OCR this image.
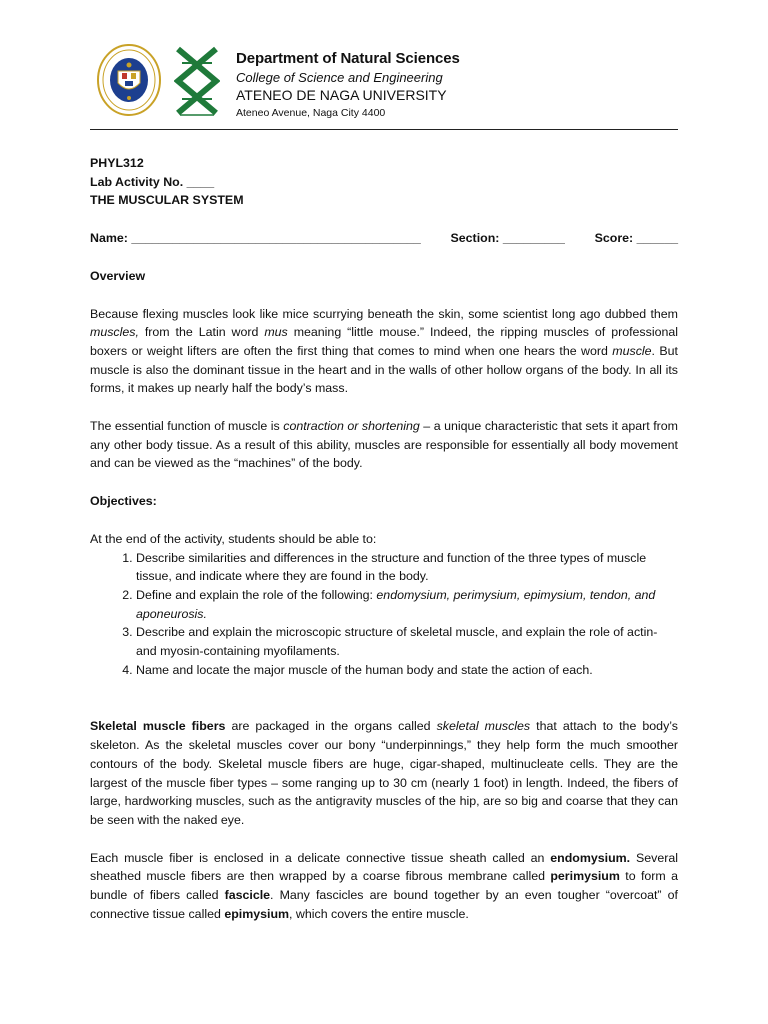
Department of Natural Sciences
College of Science and Engineering
ATENEO DE NAGA UNIVERSITY
Ateneo Avenue, Naga City 4400
PHYL312
Lab Activity No. ____
THE MUSCULAR SYSTEM
Name: __________________________________________ Section: _________ Score: ______
Overview

Because flexing muscles look like mice scurrying beneath the skin, some scientist long ago dubbed them muscles, from the Latin word mus meaning “little mouse.” Indeed, the ripping muscles of professional boxers or weight lifters are often the first thing that comes to mind when one hears the word muscle. But muscle is also the dominant tissue in the heart and in the walls of other hollow organs of the body. In all its forms, it makes up nearly half the body’s mass.

The essential function of muscle is contraction or shortening – a unique characteristic that sets it apart from any other body tissue. As a result of this ability, muscles are responsible for essentially all body movement and can be viewed as the “machines” of the body.

Objectives:
At the end of the activity, students should be able to:
1. Describe similarities and differences in the structure and function of the three types of muscle tissue, and indicate where they are found in the body.
2. Define and explain the role of the following: endomysium, perimysium, epimysium, tendon, and aponeurosis.
3. Describe and explain the microscopic structure of skeletal muscle, and explain the role of actin- and myosin-containing myofilaments.
4. Name and locate the major muscle of the human body and state the action of each.

Skeletal muscle fibers are packaged in the organs called skeletal muscles that attach to the body’s skeleton. As the skeletal muscles cover our bony “underpinnings,” they help form the much smoother contours of the body. Skeletal muscle fibers are huge, cigar-shaped, multinucleate cells. They are the largest of the muscle fiber types – some ranging up to 30 cm (nearly 1 foot) in length. Indeed, the fibers of large, hardworking muscles, such as the antigravity muscles of the hip, are so big and coarse that they can be seen with the naked eye.

Each muscle fiber is enclosed in a delicate connective tissue sheath called an endomysium. Several sheathed muscle fibers are then wrapped by a coarse fibrous membrane called perimysium to form a bundle of fibers called fascicle. Many fascicles are bound together by an even tougher “overcoat” of connective tissue called epimysium, which covers the entire muscle.
